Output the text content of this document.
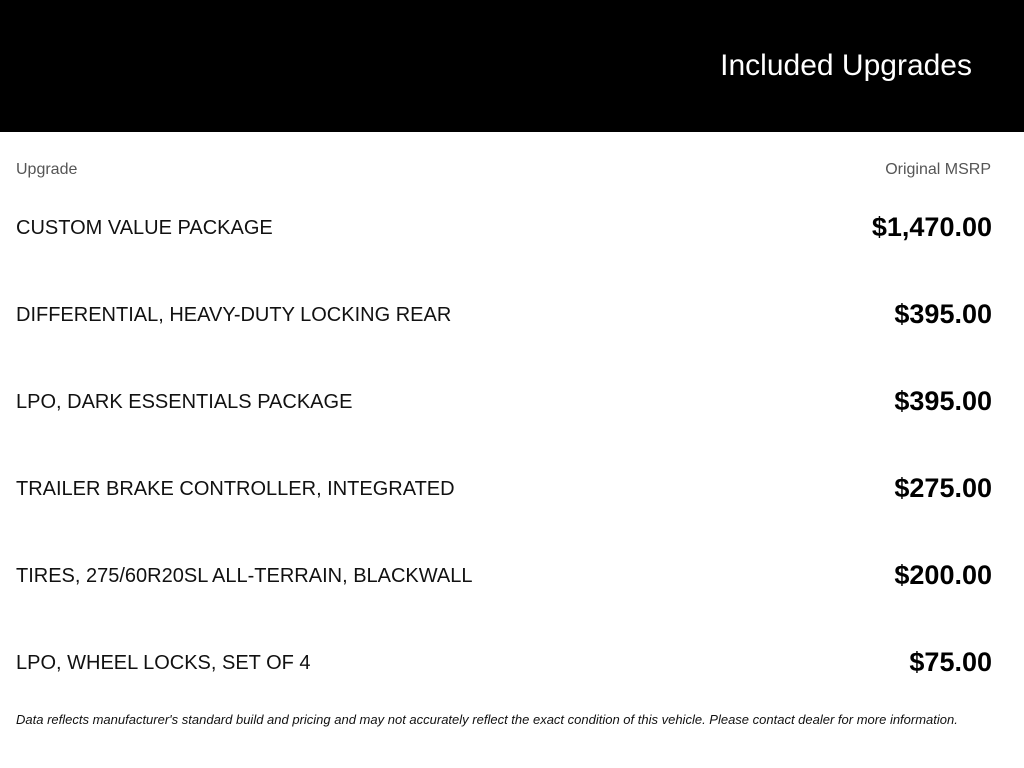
Included Upgrades
Upgrade	Original MSRP
CUSTOM VALUE PACKAGE	$1,470.00
DIFFERENTIAL, HEAVY-DUTY LOCKING REAR	$395.00
LPO, DARK ESSENTIALS PACKAGE	$395.00
TRAILER BRAKE CONTROLLER, INTEGRATED	$275.00
TIRES, 275/60R20SL ALL-TERRAIN, BLACKWALL	$200.00
LPO, WHEEL LOCKS, SET OF 4	$75.00
Data reflects manufacturer's standard build and pricing and may not accurately reflect the exact condition of this vehicle. Please contact dealer for more information.
